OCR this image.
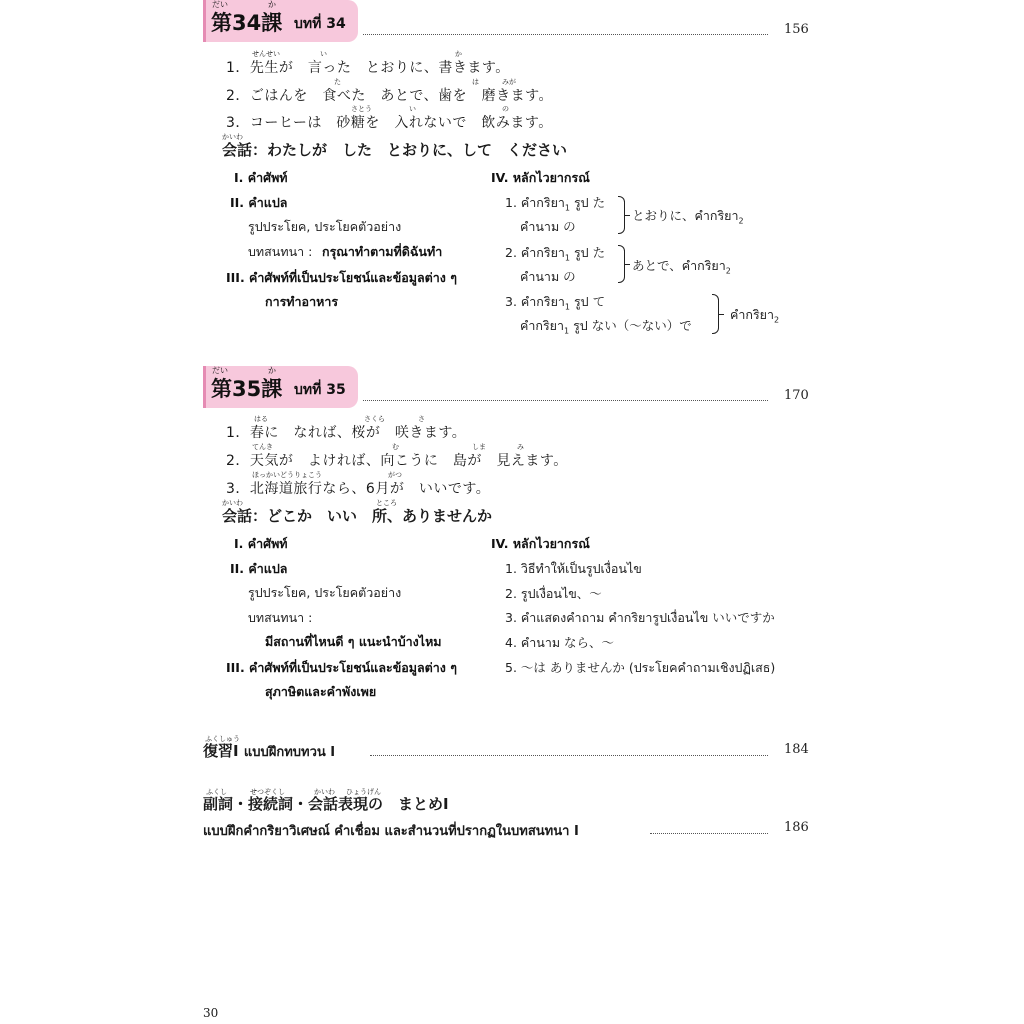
だい	か
第34課 บทที่ 34	156
せんせい	い	か
1．先生が　言った　とおりに、書きます。
た	は	みが
2．ごはんを　食べた　あとで、歯を　磨きます。
さとう	い	の
3．コーヒーは　砂糖を　入れないで　飲みます。
かいわ
会話：わたしが　した　とおりに、して　ください
I. คำศัพท์
II. คำแปล
รูปประโยค, ประโยคตัวอย่าง
บทสนทนา : กรุณาทำตามที่ดิฉันทำ
III. คำศัพท์ที่เป็นประโยชน์และข้อมูลต่าง ๆ
การทำอาหาร
IV. หลักไวยากรณ์
1. คำกริยา$_1$ รูป た
คำนาม の
とおりに、คำกริยา$_2$
2. คำกริยา$_1$ รูป た
คำนาม の
あとで、คำกริยา$_2$
3. คำกริยา$_1$ รูป て
คำกริยา$_1$ รูป ない（～ない）で
คำกริยา$_2$
だい	か
第35課 บทที่ 35	170
はる	さくら	さ
1．春に　なれば、桜が　咲きます。
てんき	む	しま	み
2．天気が　よければ、向こうに　島が　見えます。
ほっかいどうりょこう	がつ
3．北海道旅行なら、6月が　いいです。
かいわ	ところ
会話：どこか　いい　所、ありませんか
I. คำศัพท์
II. คำแปล
รูปประโยค, ประโยคตัวอย่าง
บทสนทนา :
มีสถานที่ไหนดี ๆ แนะนำบ้างไหม
III. คำศัพท์ที่เป็นประโยชน์และข้อมูลต่าง ๆ
สุภาษิตและคำพังเพย
IV. หลักไวยากรณ์
1. วิธีทำให้เป็นรูปเงื่อนไข
2. รูปเงื่อนไข、～
3. คำแสดงคำถาม คำกริยารูปเงื่อนไข いいですか
4. คำนาม なら、～
5. ～は ありませんか (ประโยคคำถามเชิงปฏิเสธ)
ふくしゅう
復習Ⅰ แบบฝึกทบทวน I	184
ふくし	せつぞくし	かいわ ひょうげん
副詞・接続詞・会話表現の　まとめⅠ
แบบฝึกคำกริยาวิเศษณ์ คำเชื่อม และสำนวนที่ปรากฏในบทสนทนา I	186
30
